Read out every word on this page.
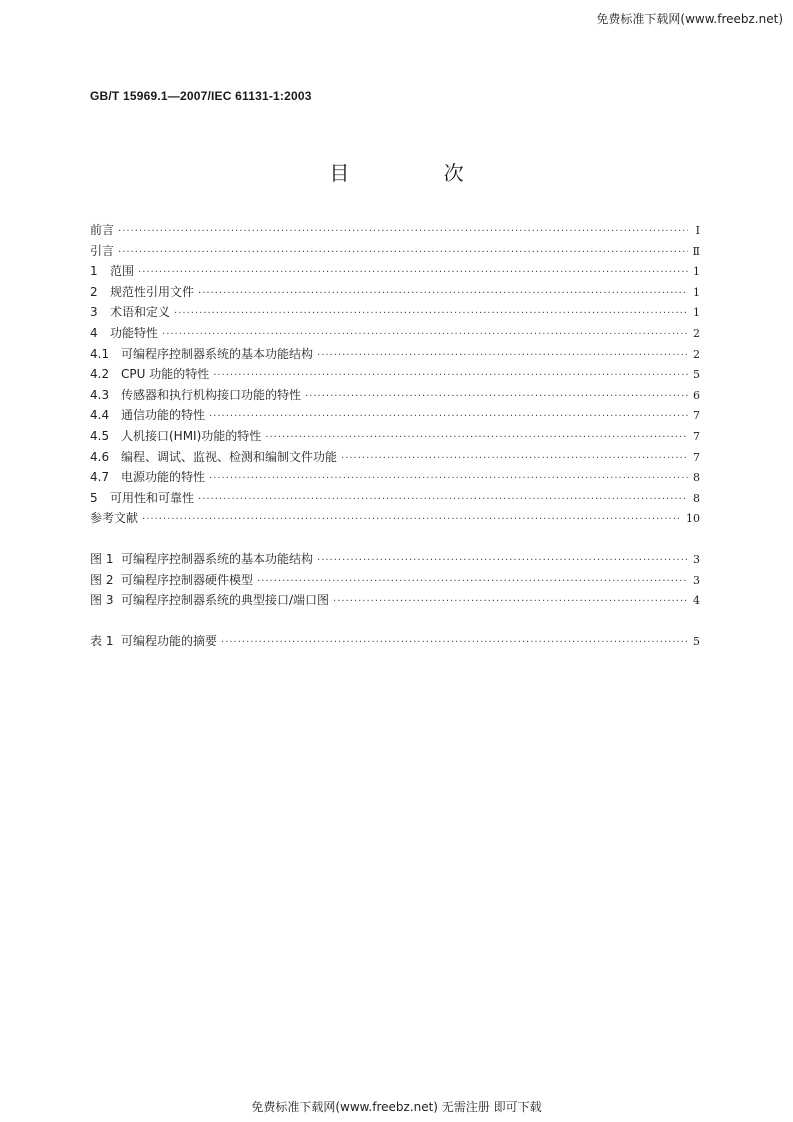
免费标准下载网(www.freebz.net)
GB/T 15969.1—2007/IEC 61131-1:2003
目 次
前言 ·····	I
引言 ·····	Ⅱ
1	范围 ·····	1
2	规范性引用文件 ·····	1
3	术语和定义 ·····	1
4	功能特性 ·····	2
4.1 可编程序控制器系统的基本功能结构 ·····	2
4.2 CPU 功能的特性 ·····	5
4.3 传感器和执行机构接口功能的特性 ·····	6
4.4 通信功能的特性 ·····	7
4.5 人机接口(HMI)功能的特性 ·····	7
4.6 编程、调试、监视、检测和编制文件功能 ·····	7
4.7 电源功能的特性 ·····	8
5	可用性和可靠性 ·····	8
参考文献 ·····	10
图 1 可编程序控制器系统的基本功能结构 ·····	3
图 2 可编程序控制器硬件模型 ·····	3
图 3 可编程序控制器系统的典型接口/端口图 ·····	4
表 1 可编程功能的摘要 ·····	5
免费标准下载网(www.freebz.net) 无需注册 即可下载
